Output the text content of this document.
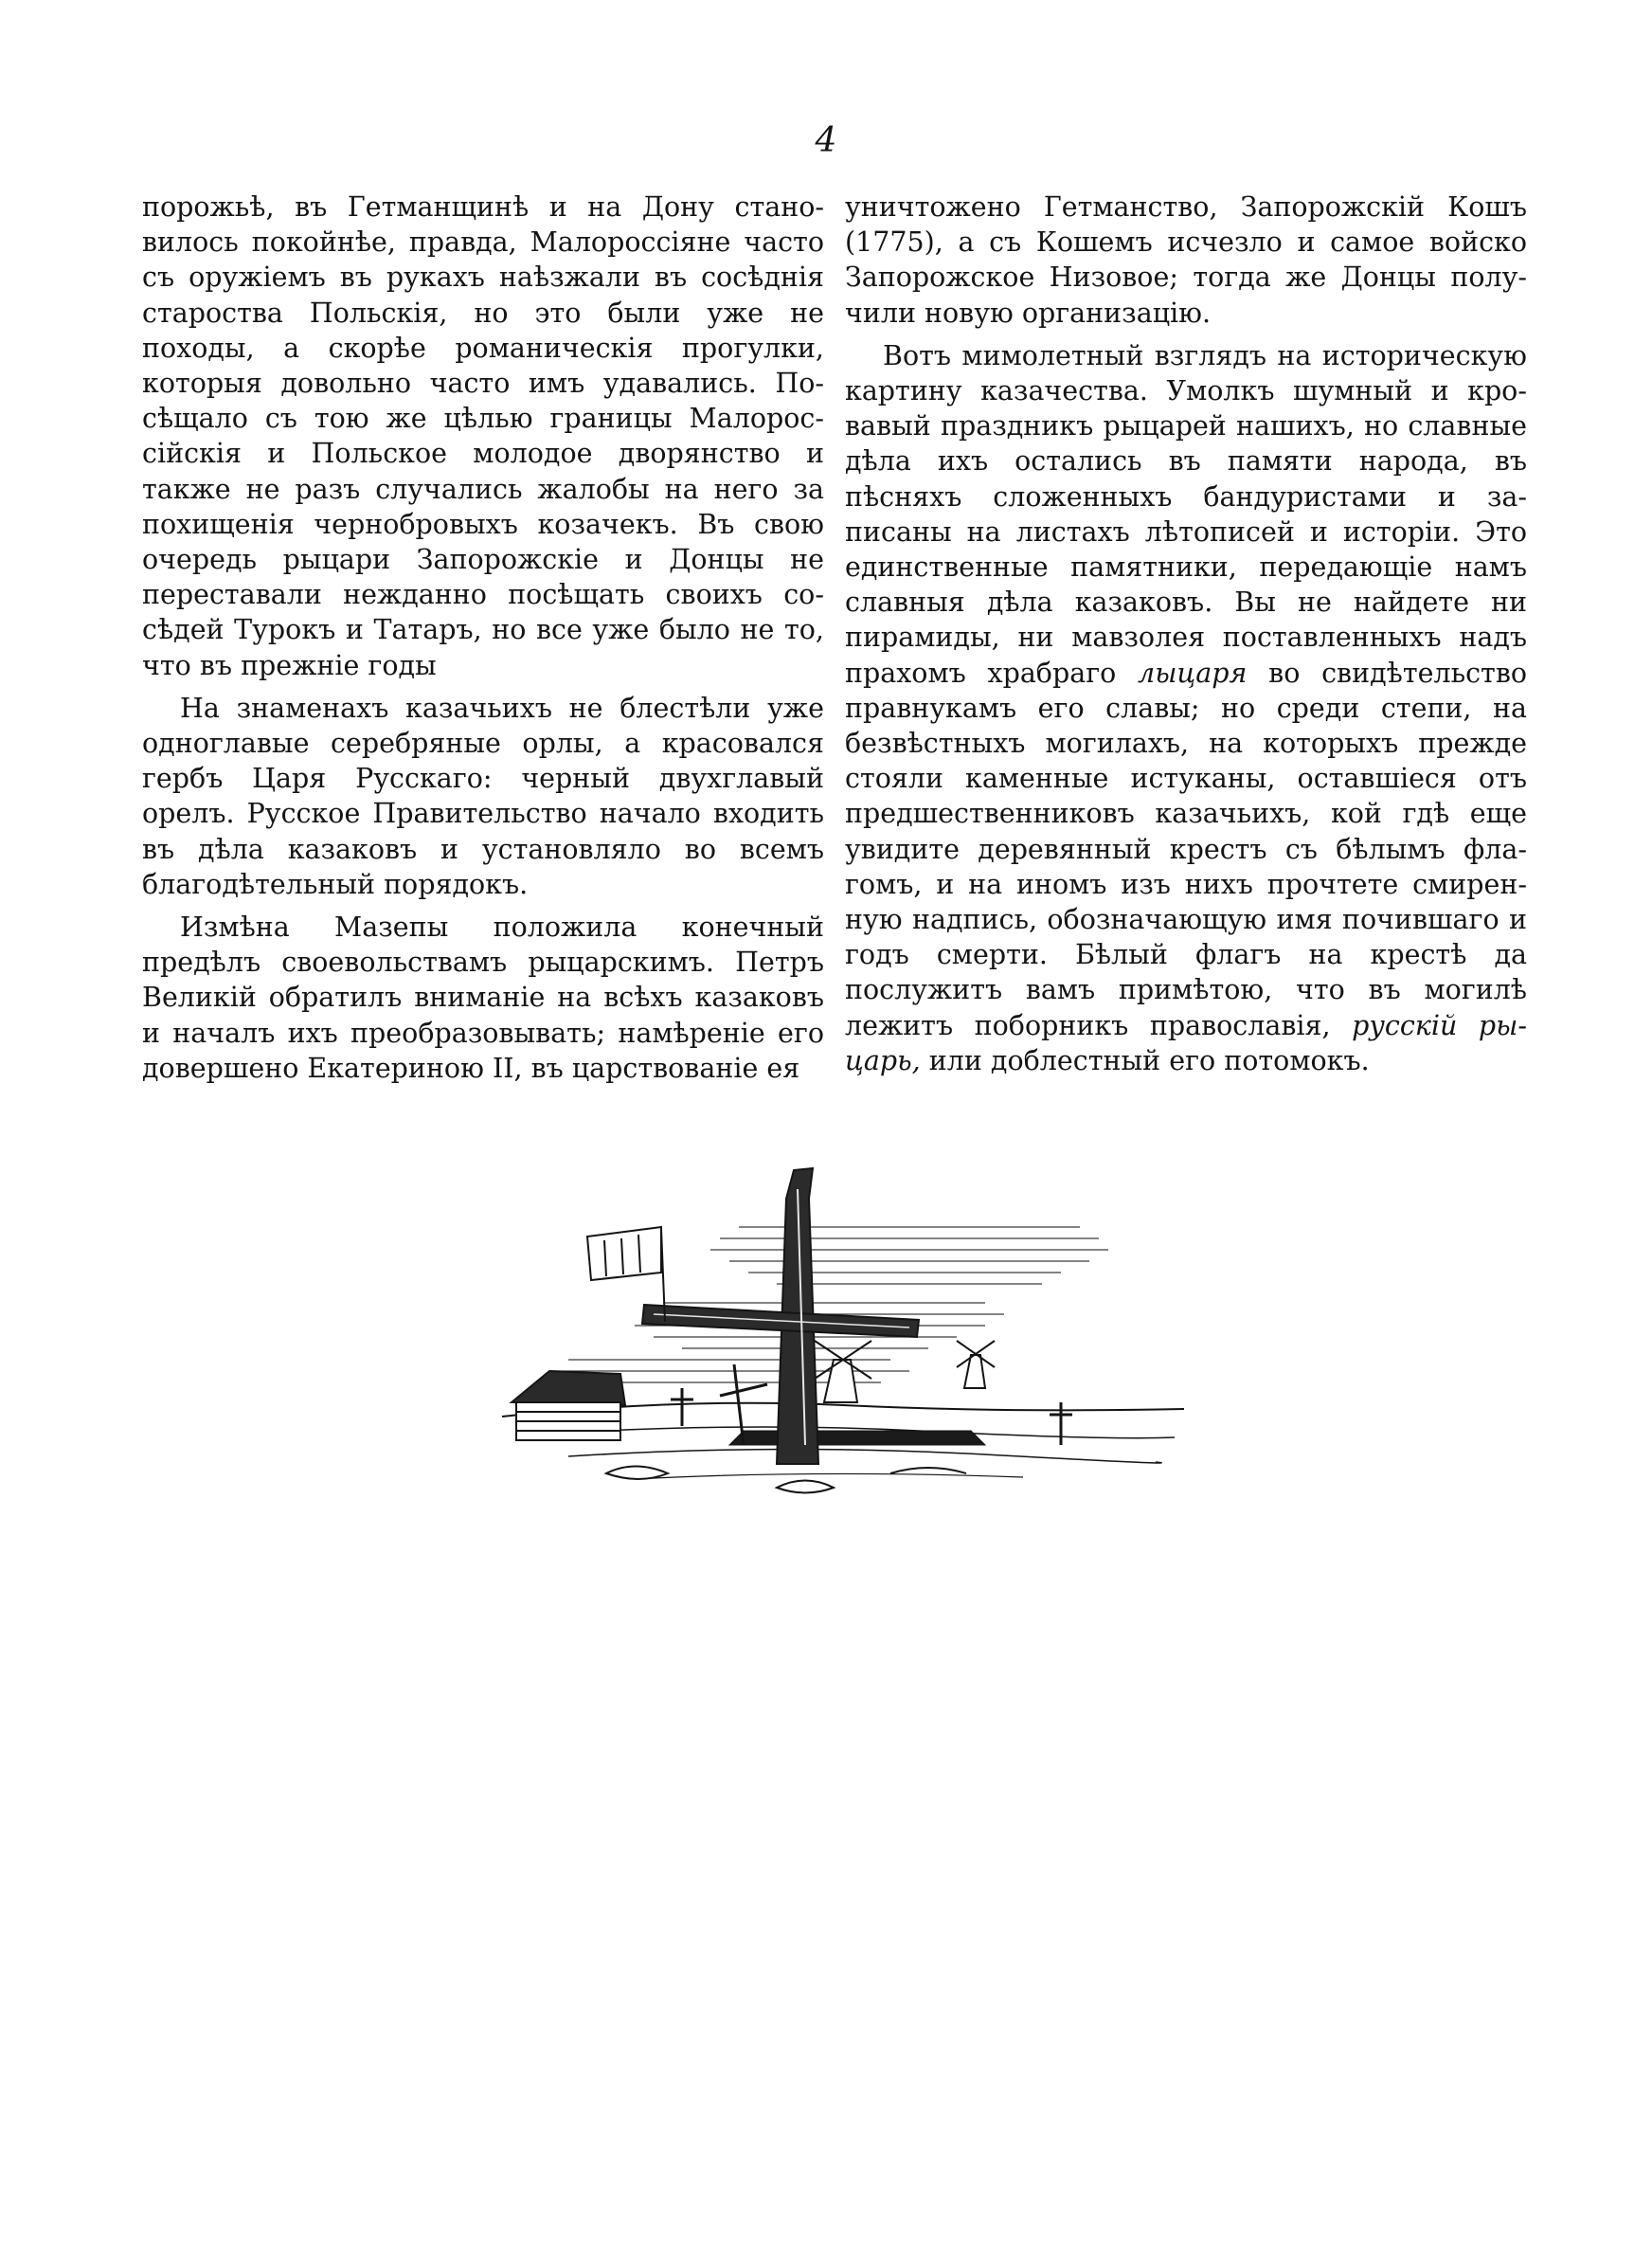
4

порожьѣ, въ Гетманщинѣ и на Дону становилось покойнѣе, правда, Малороссіяне часто съ оружіемъ въ рукахъ наѣзжали въ сосѣднія староства Польскія, но это были уже не походы, а скорѣе романическія прогулки, которыя довольно часто имъ удавались. Посѣщало съ тою же цѣлью границы Малороссійскія и Польское молодое дворянство и также не разъ случались жалобы на него за похищенія чернобровыхъ козачекъ. Въ свою очередь рыцари Запорожскіе и Донцы не переставали нежданно посѣщать своихъ сосѣдей Турокъ и Татаръ, но все уже было не то, что въ прежніе годы

На знаменахъ казачьихъ не блестѣли уже одноглавые серебряные орлы, а красовался гербъ Царя Русскаго: черный двухглавый орелъ. Русское Правительство начало входить въ дѣла казаковъ и установляло во всемъ благодѣтельный порядокъ.

Измѣна Мазепы положила конечный предѣлъ своевольствамъ рыцарскимъ. Петръ Великій обратилъ вниманіе на всѣхъ казаковъ и началъ ихъ преобразовывать; намѣреніе его довершено Екатериною II, въ царствованіе ея

уничтожено Гетманство, Запорожскій Кошъ (1775), а съ Кошемъ исчезло и самое войско Запорожское Низовое; тогда же Донцы получили новую организацію.

Вотъ мимолетный взглядъ на историческую картину казачества. Умолкъ шумный и кровавый праздникъ рыцарей нашихъ, но славные дѣла ихъ остались въ памяти народа, въ пѣсняхъ сложенныхъ бандуристами и записаны на листахъ лѣтописей и исторіи. Это единственные памятники, передающіе намъ славныя дѣла казаковъ. Вы не найдете ни пирамиды, ни мавзолея поставленныхъ надъ прахомъ храбраго лыцаря во свидѣтельство правнукамъ его славы; но среди степи, на безвѣстныхъ могилахъ, на которыхъ прежде стояли каменные истуканы, оставшіеся отъ предшественниковъ казачьихъ, кой гдѣ еще увидите деревянный крестъ съ бѣлымъ флагомъ, и на иномъ изъ нихъ прочтете смиренную надпись, обозначающую имя почившаго и годъ смерти. Бѣлый флагъ на крестѣ да послужитъ вамъ примѣтою, что въ могилѣ лежитъ поборникъ православія, русскій рыцарь, или доблестный его потомокъ.
